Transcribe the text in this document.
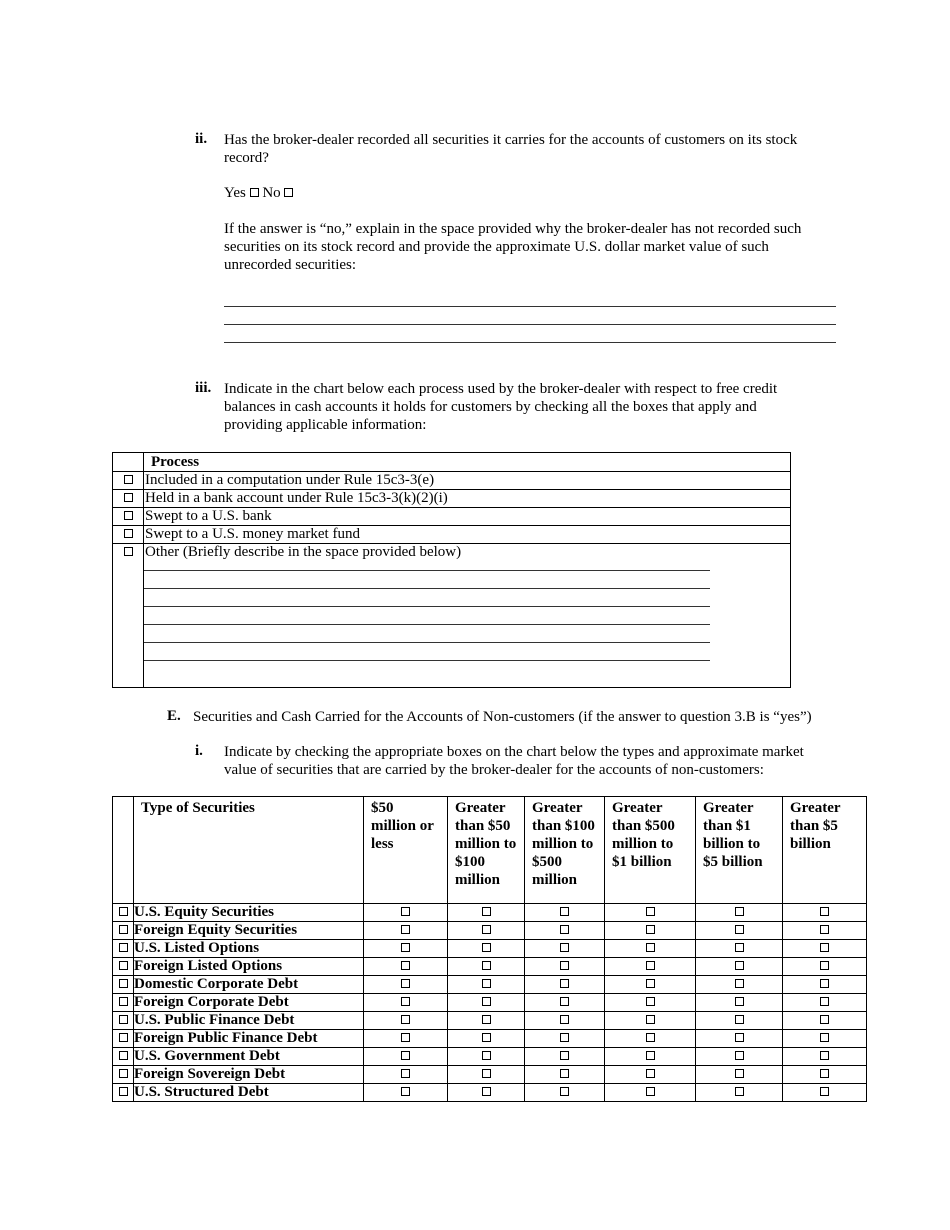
ii. Has the broker-dealer recorded all securities it carries for the accounts of customers on its stock record?

Yes No

If the answer is “no,” explain in the space provided why the broker-dealer has not recorded such securities on its stock record and provide the approximate U.S. dollar market value of such unrecorded securities:

iii. Indicate in the chart below each process used by the broker-dealer with respect to free credit balances in cash accounts it holds for customers by checking all the boxes that apply and providing applicable information:

	Process
	Included in a computation under Rule 15c3-3(e)
	Held in a bank account under Rule 15c3-3(k)(2)(i)
	Swept to a U.S. bank
	Swept to a U.S. money market fund

	Other (Briefly describe in the space provided below)
E. Securities and Cash Carried for the Accounts of Non-customers (if the answer to question 3.B is “yes”)

i. Indicate by checking the appropriate boxes on the chart below the types and approximate market value of securities that are carried by the broker-dealer for the accounts of non-customers:

	Type of Securities	$50 million or less	Greater than $50 million to $100 million	Greater than $100 million to $500 million	Greater than $500 million to $1 billion	Greater than $1 billion to $5 billion	Greater than $5 billion
	U.S. Equity Securities						
	Foreign Equity Securities						
	U.S. Listed Options						
	Foreign Listed Options						
	Domestic Corporate Debt						
	Foreign Corporate Debt						
	U.S. Public Finance Debt						
	Foreign Public Finance Debt						
	U.S. Government Debt						
	Foreign Sovereign Debt						
	U.S. Structured Debt						
